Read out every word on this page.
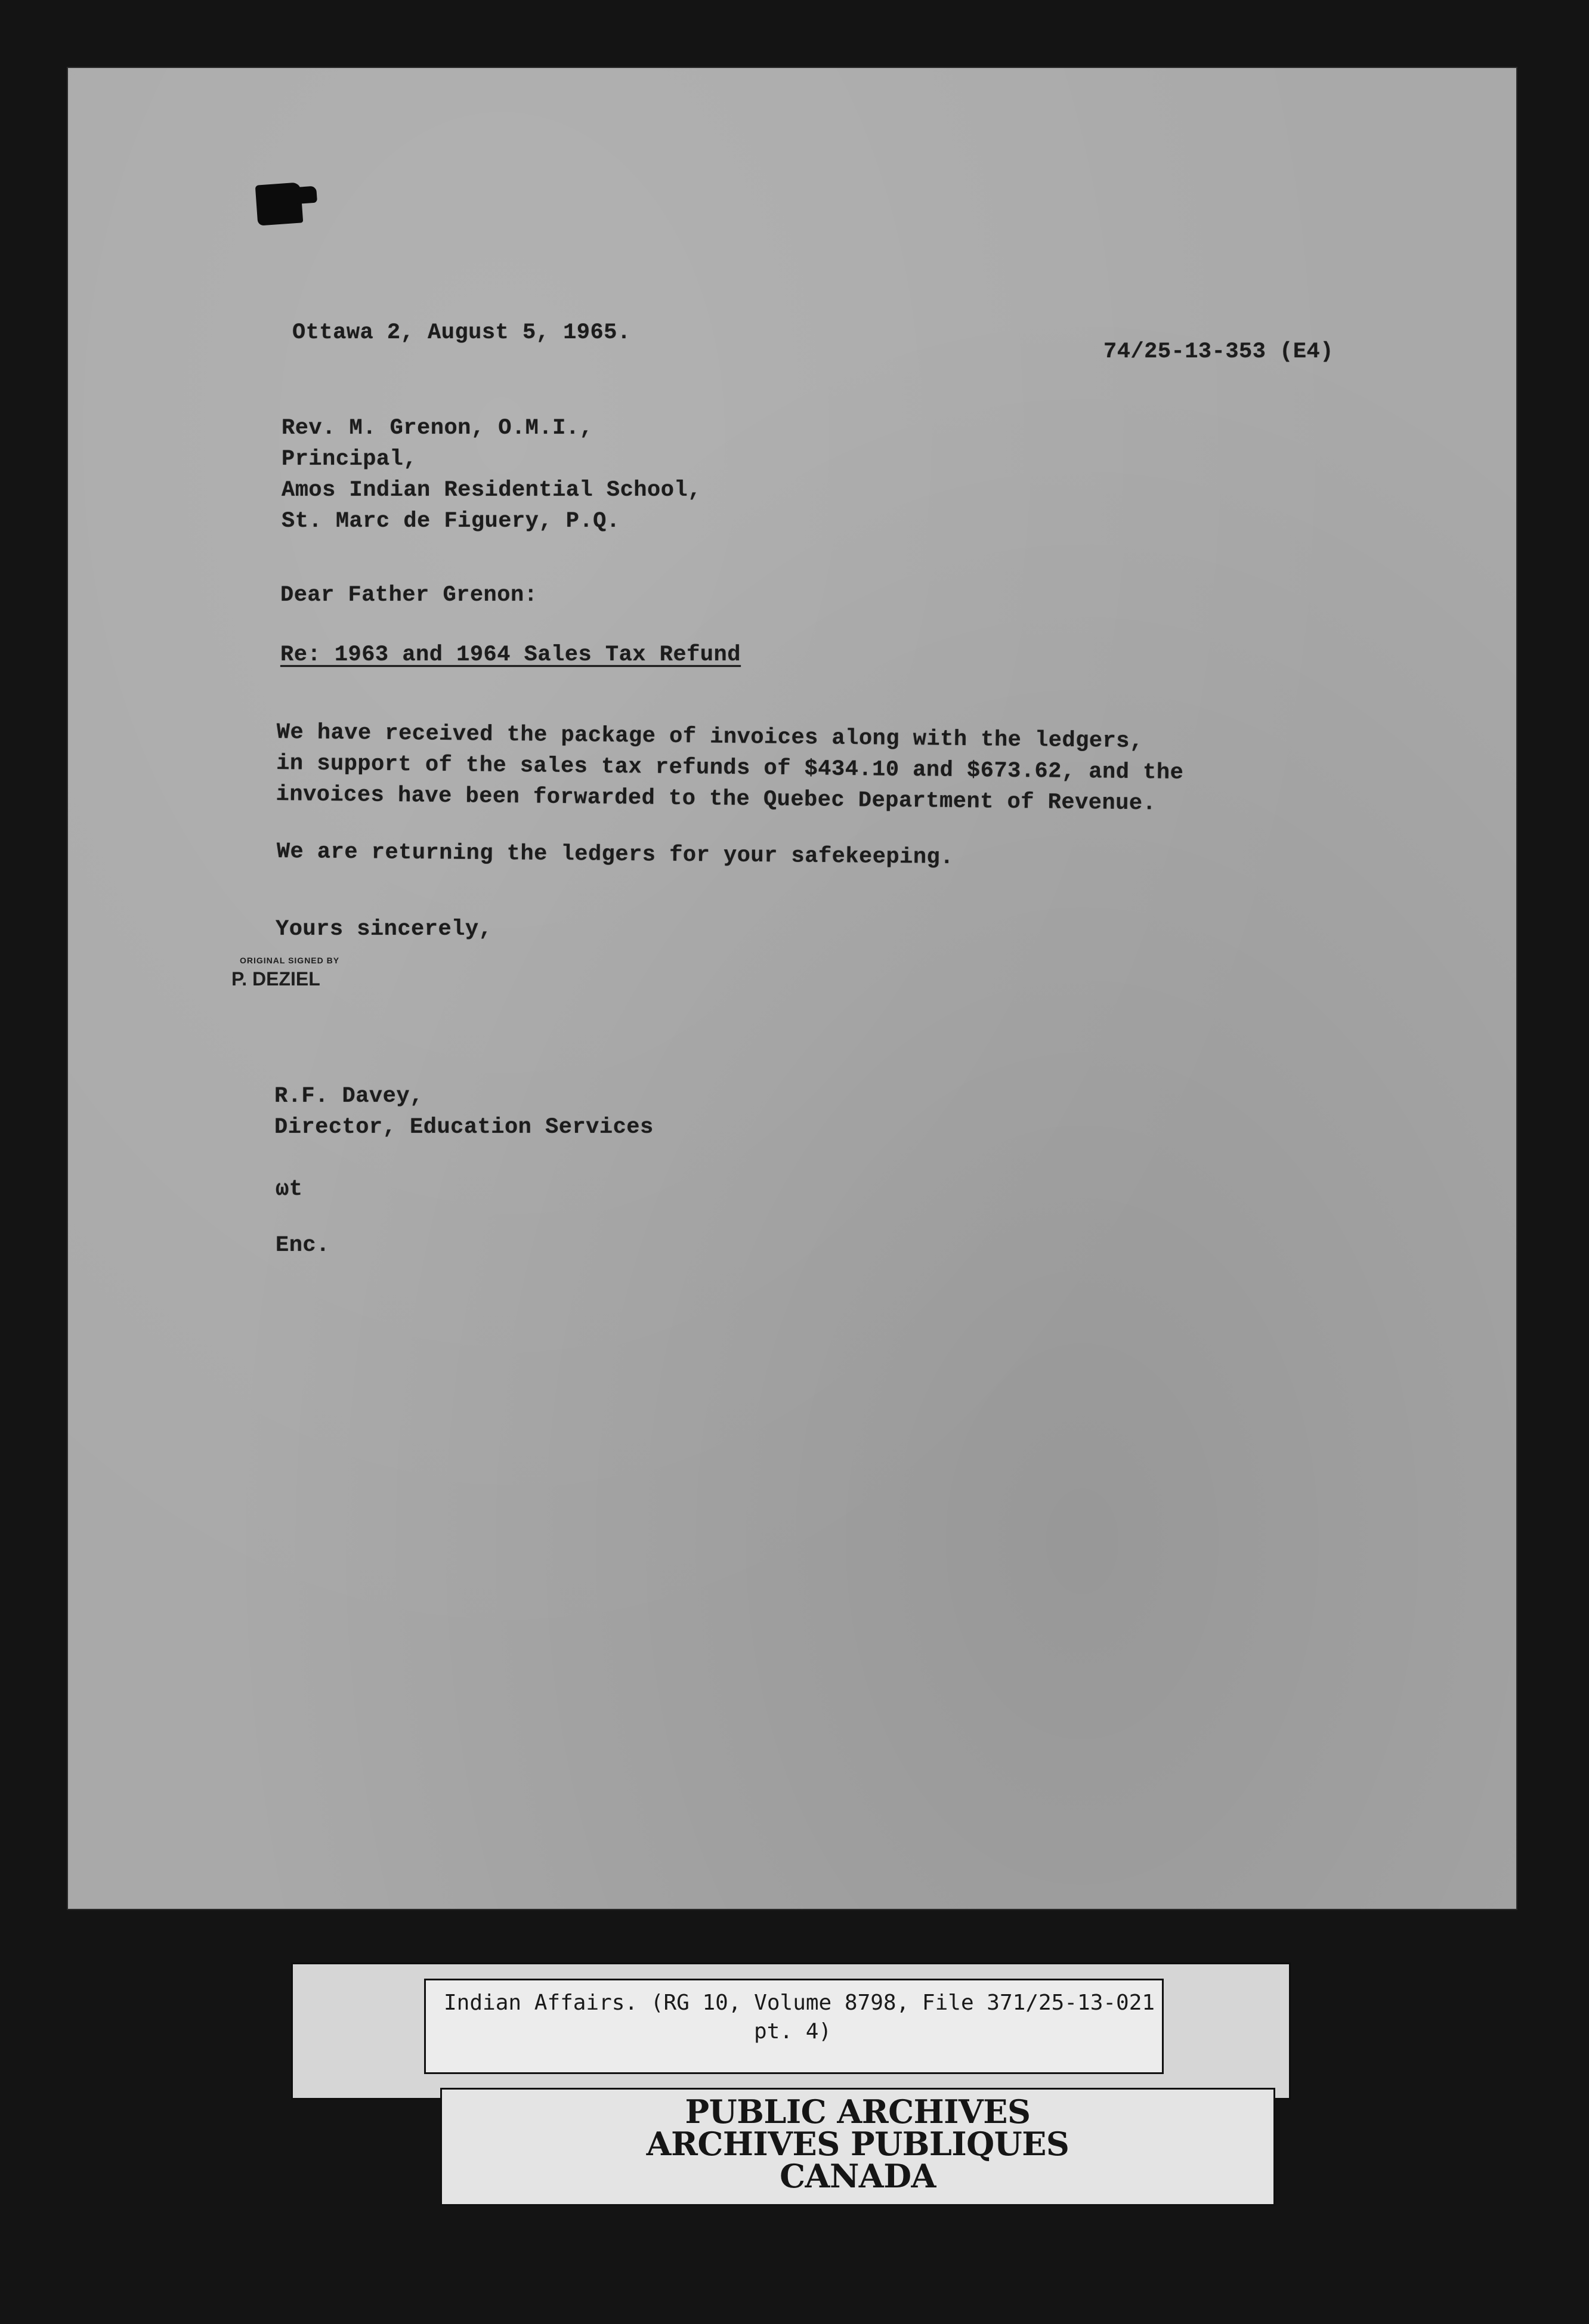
Ottawa 2, August 5, 1965.
74/25-13-353 (E4)
Rev. M. Grenon, O.M.I.,
Principal,
Amos Indian Residential School,
St. Marc de Figuery, P.Q.
Dear Father Grenon:
Re: 1963 and 1964 Sales Tax Refund
We have received the package of invoices along with the ledgers,
in support of the sales tax refunds of $434.10 and $673.62, and the
invoices have been forwarded to the Quebec Department of Revenue.
We are returning the ledgers for your safekeeping.
Yours sincerely,
ORIGINAL SIGNED BY
P. DEZIEL
R.F. Davey,
Director, Education Services
ωt
Enc.
Indian Affairs. (RG 10, Volume 8798, File 371/25-13-021
pt. 4)
PUBLIC ARCHIVES
ARCHIVES PUBLIQUES
CANADA
